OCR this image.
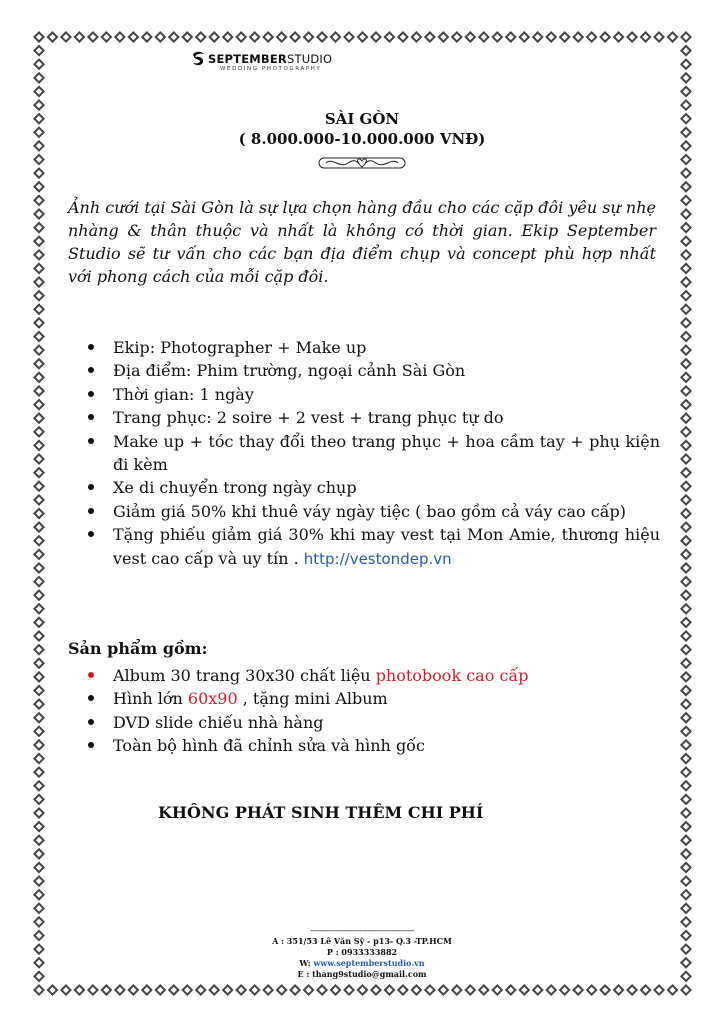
SEPTEMBERSTUDIO
WEDDING PHOTOGRAPHY
SÀI GÒN
( 8.000.000-10.000.000 VNĐ)

Ảnh cưới tại Sài Gòn là sự lựa chọn hàng đầu cho các cặp đôi yêu sự nhẹ nhàng & thân thuộc và nhất là không có thời gian. Ekip September Studio sẽ tư vấn cho các bạn địa điểm chụp và concept phù hợp nhất với phong cách của mỗi cặp đôi.

Ekip: Photographer + Make up
Địa điểm: Phim trường, ngoại cảnh Sài Gòn
Thời gian: 1 ngày
Trang phục: 2 soire + 2 vest + trang phục tự do
Make up + tóc thay đổi theo trang phục + hoa cầm tay + phụ kiện đi kèm
Xe di chuyển trong ngày chụp
Giảm giá 50% khi thuê váy ngày tiệc ( bao gồm cả váy cao cấp)
Tặng phiếu giảm giá 30% khi may vest tại Mon Amie, thương hiệu vest cao cấp và uy tín . http://vestondep.vn
Sản phẩm gồm:
Album 30 trang 30x30 chất liệu photobook cao cấp
Hình lớn 60x90 , tặng mini Album
DVD slide chiếu nhà hàng
Toàn bộ hình đã chỉnh sửa và hình gốc
KHÔNG PHÁT SINH THÊM CHI PHÍ
-----------------------------------------------
A : 351/53 Lê Văn Sỹ - p13- Q.3 -TP.HCM
P : 0933333882
W: www.septemberstudio.vn
E : thang9studio@gmail.com
